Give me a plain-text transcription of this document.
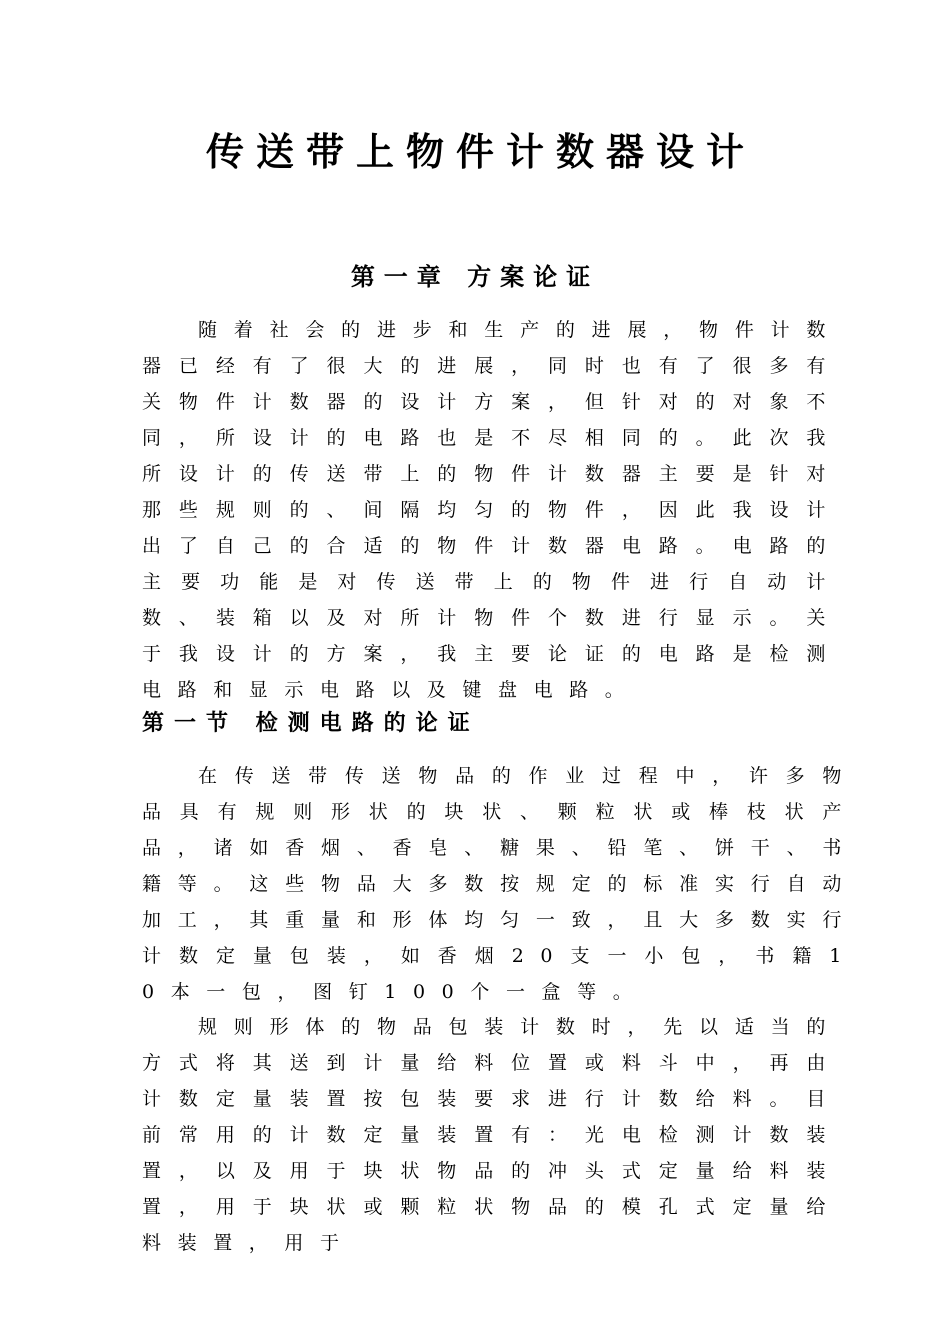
传送带上物件计数器设计
第一章 方案论证

随着社会的进步和生产的进展，物件计数器已经有了很大的进展，同时也有了很多有关物件计数器的设计方案，但针对的对象不同，所设计的电路也是不尽相同的。此次我所设计的传送带上的物件计数器主要是针对那些规则的、间隔均匀的物件，因此我设计出了自己的合适的物件计数器电路。电路的主要功能是对传送带上的物件进行自动计数、装箱以及对所计物件个数进行显示。关于我设计的方案，我主要论证的电路是检测电路和显示电路以及键盘电路。

第一节 检测电路的论证

在传送带传送物品的作业过程中，许多物品具有规则形状的块状、颗粒状或棒枝状产品，诸如香烟、香皂、糖果、铅笔、饼干、书籍等。这些物品大多数按规定的标准实行自动加工，其重量和形体均匀一致，且大多数实行计数定量包装，如香烟20支一小包，书籍10本一包，图钉100个一盒等。

规则形体的物品包装计数时，先以适当的方式将其送到计量给料位置或料斗中，再由计数定量装置按包装要求进行计数给料。目前常用的计数定量装置有：光电检测计数装置，以及用于块状物品的冲头式定量给料装置，用于块状或颗粒状物品的模孔式定量给料装置，用于
